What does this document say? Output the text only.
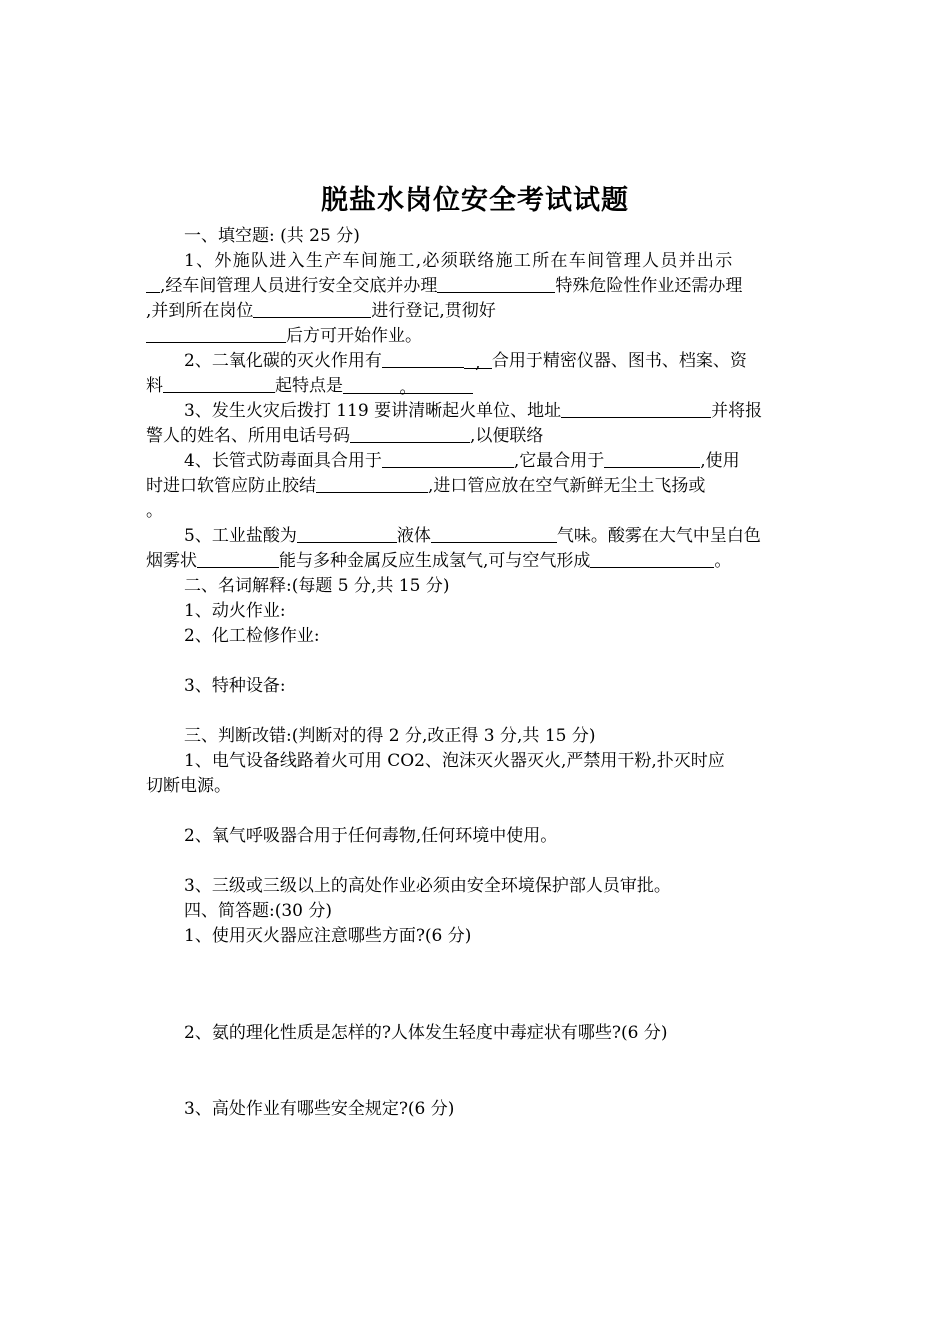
脱盐水岗位安全考试试题
一、填空题: (共 25 分)
1、外施队进入生产车间施工,必须联络施工所在车间管理人员并出示
,经车间管理人员进行安全交底并办理	特殊危险性作业还需办理
,并到所在岗位	进行登记,贯彻好
后方可开始作业。
2、二氧化碳的灭火作用有	, 合用于精密仪器、图书、档案、资
料	起特点是	。
3、发生火灾后拨打 119 要讲清晰起火单位、地址	并将报
警人的姓名、所用电话号码	,以便联络
4、长管式防毒面具合用于	,它最合用于	,使用
时进口软管应防止胶结	,进口管应放在空气新鲜无尘土飞扬或
。
5、工业盐酸为	液体	气味。酸雾在大气中呈白色
烟雾状	能与多种金属反应生成氢气,可与空气形成	。
二、名词解释:(每题 5 分,共 15 分)
1、动火作业:
2、化工检修作业:
3、特种设备:
三、判断改错:(判断对的得 2 分,改正得 3 分,共 15 分)
1、电气设备线路着火可用 CO2、泡沫灭火器灭火,严禁用干粉,扑灭时应
切断电源。
2、氧气呼吸器合用于任何毒物,任何环境中使用。
3、三级或三级以上的高处作业必须由安全环境保护部人员审批。
四、简答题:(30 分)
1、使用灭火器应注意哪些方面?(6 分)
2、氨的理化性质是怎样的?人体发生轻度中毒症状有哪些?(6 分)
3、高处作业有哪些安全规定?(6 分)
